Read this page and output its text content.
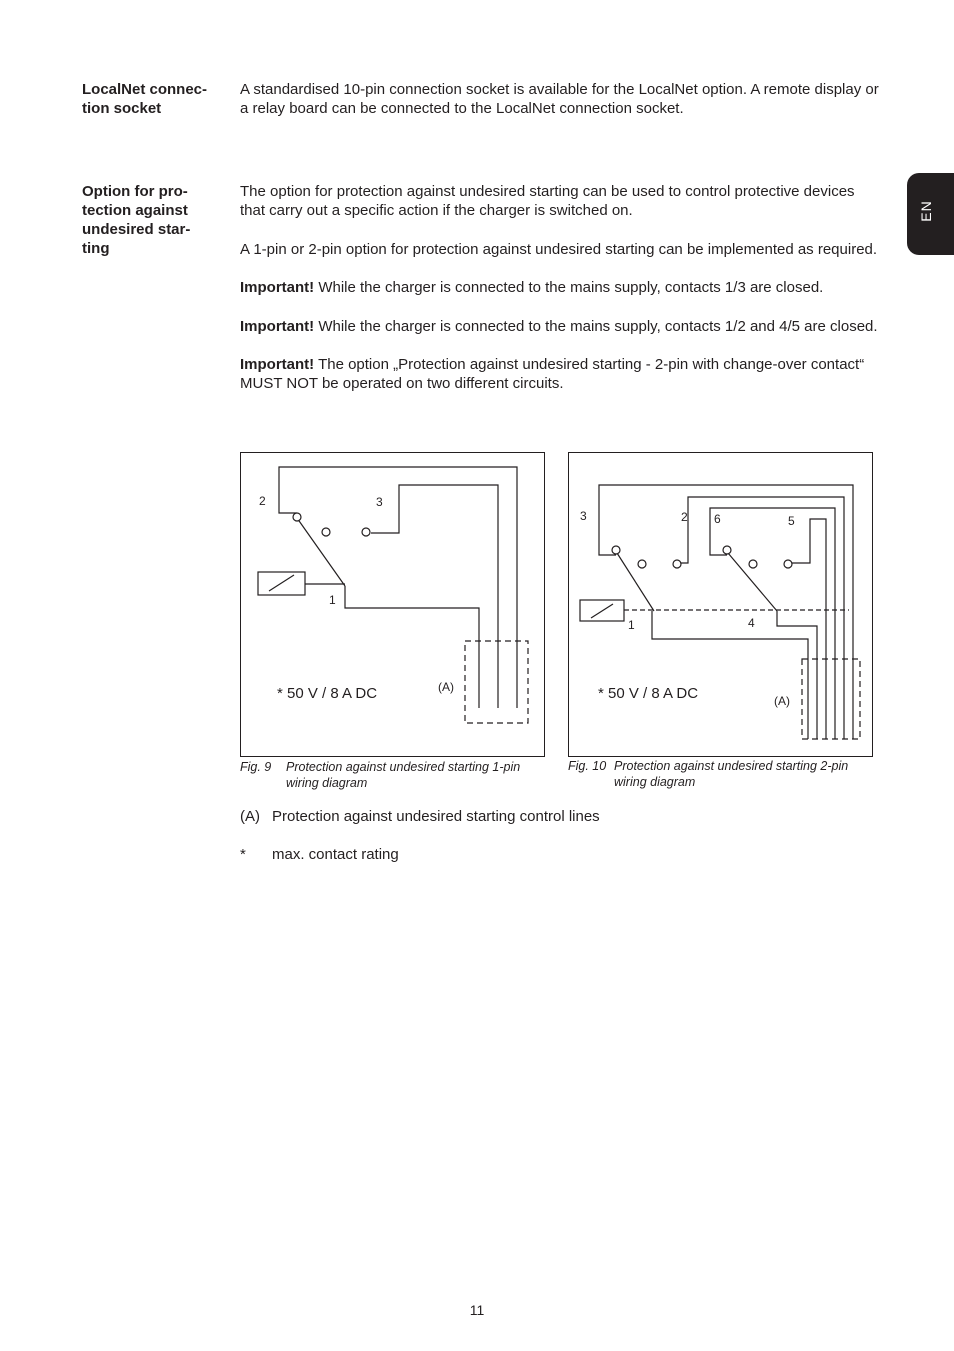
EN
LocalNet connec-
tion socket

A standardised 10-pin connection socket is available for the LocalNet option. A remote display or a relay board can be connected to the LocalNet connection socket.

Option for pro-
tection against
undesired star-
ting

The option for protection against undesired starting can be used to control protective devices that carry out a specific action if the charger is switched on.

A 1-pin or 2-pin option for protection against undesired starting can be implemented as required.

Important! While the charger is connected to the mains supply, contacts 1/3 are closed.

Important! While the charger is connected to the mains supply, contacts 1/2 and 4/5 are closed.

Important! The option „Protection against undesired starting - 2-pin with change-over contact“ MUST NOT be operated on two different circuits.

2	3
1
* 50 V / 8 A DC	(A)
Fig. 9 Protection against undesired starting 1-pin wiring diagram
3	2 6	5
1	4
* 50 V / 8 A DC	(A)
Fig. 10 Protection against undesired starting 2-pin wiring diagram
(A) Protection against undesired starting control lines
* max. contact rating
11
